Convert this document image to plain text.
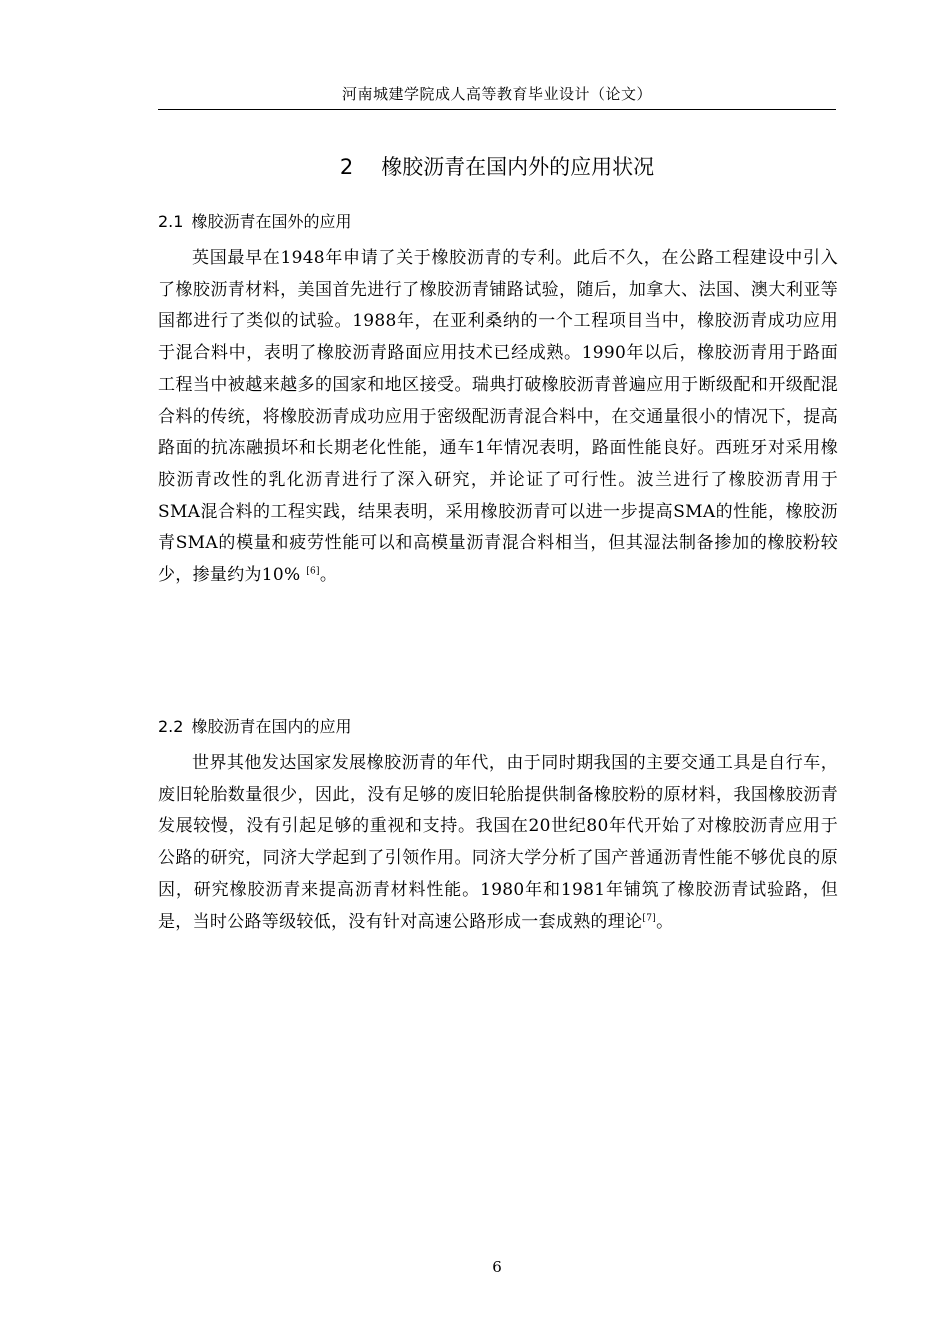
河南城建学院成人高等教育毕业设计（论文）
2 橡胶沥青在国内外的应用状况
2.1 橡胶沥青在国外的应用

英国最早在1948年申请了关于橡胶沥青的专利。此后不久，在公路工程建设中引入了橡胶沥青材料，美国首先进行了橡胶沥青铺路试验，随后，加拿大、法国、澳大利亚等国都进行了类似的试验。1988年，在亚利桑纳的一个工程项目当中，橡胶沥青成功应用于混合料中，表明了橡胶沥青路面应用技术已经成熟。1990年以后，橡胶沥青用于路面工程当中被越来越多的国家和地区接受。瑞典打破橡胶沥青普遍应用于断级配和开级配混合料的传统，将橡胶沥青成功应用于密级配沥青混合料中，在交通量很小的情况下，提高路面的抗冻融损坏和长期老化性能，通车1年情况表明，路面性能良好。西班牙对采用橡胶沥青改性的乳化沥青进行了深入研究，并论证了可行性。波兰进行了橡胶沥青用于SMA混合料的工程实践，结果表明，采用橡胶沥青可以进一步提高SMA的性能，橡胶沥青SMA的模量和疲劳性能可以和高模量沥青混合料相当，但其湿法制备掺加的橡胶粉较少，掺量约为10% [6]。

2.2 橡胶沥青在国内的应用

世界其他发达国家发展橡胶沥青的年代，由于同时期我国的主要交通工具是自行车，废旧轮胎数量很少，因此，没有足够的废旧轮胎提供制备橡胶粉的原材料，我国橡胶沥青发展较慢，没有引起足够的重视和支持。我国在20世纪80年代开始了对橡胶沥青应用于公路的研究，同济大学起到了引领作用。同济大学分析了国产普通沥青性能不够优良的原因，研究橡胶沥青来提高沥青材料性能。1980年和1981年铺筑了橡胶沥青试验路，但是，当时公路等级较低，没有针对高速公路形成一套成熟的理论[7]。

6
